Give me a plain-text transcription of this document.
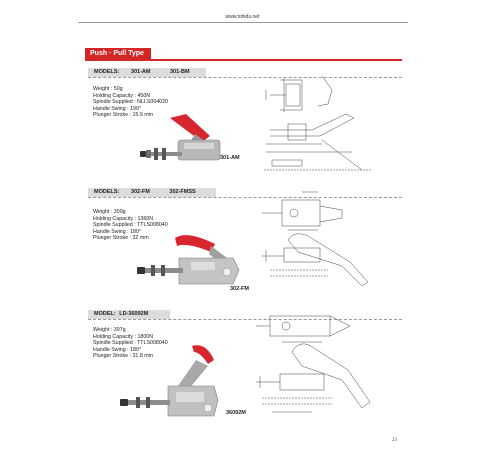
www.tohidu.net
Push · Pull Type
MODELS: 301-AM	301-BM
Weight : 50g
Holding Capacity : 450N
Spindle Supplied : NLLS004020
Handle Swing : 190°
Plunger Stroke : 15.9 mm
301-AM
MODELS: 302-FM	302-FMSS
Weight : 300g
Holding Capacity : 1360N
Spindle Supplied : TTLS008040
Handle Swing : 180°
Plunger Stroke : 32 mm
302-FM
MODEL: LD-36092M
Weight : 397g
Holding Capacity : 1800N
Spindle Supplied : TTLS008040
Handle Swing : 180°
Plunger Stroke : 31.8 mm
36092M
23
